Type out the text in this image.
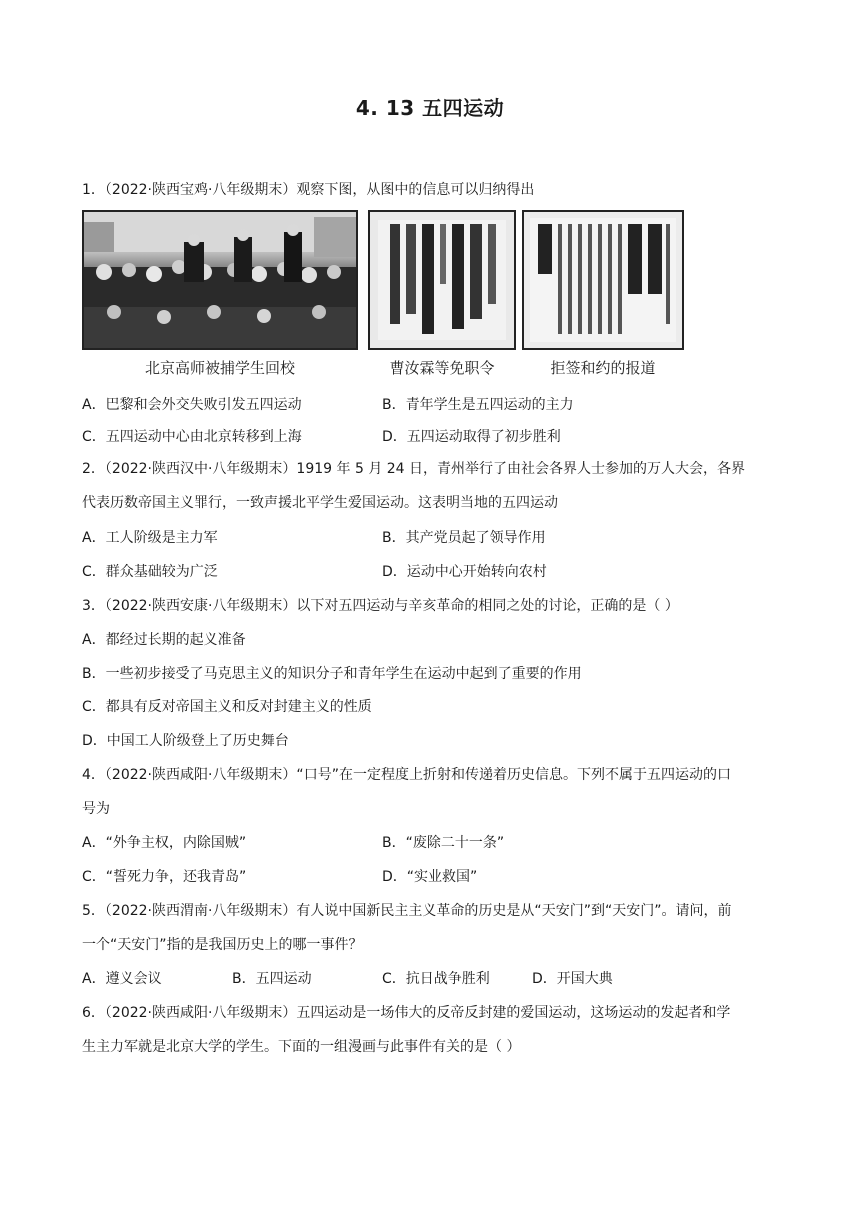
4. 13 五四运动
1．（2022·陕西宝鸡·八年级期末）观察下图，从图中的信息可以归纳得出
北京高师被捕学生回校	曹汝霖等免职令	拒签和约的报道
A．巴黎和会外交失败引发五四运动	B．青年学生是五四运动的主力
C．五四运动中心由北京转移到上海	D．五四运动取得了初步胜利
2．（2022·陕西汉中·八年级期末）1919 年 5 月 24 日，青州举行了由社会各界人士参加的万人大会，各界
代表历数帝国主义罪行，一致声援北平学生爱国运动。这表明当地的五四运动
A．工人阶级是主力军	B．其产党员起了领导作用
C．群众基础较为广泛	D．运动中心开始转向农村
3．（2022·陕西安康·八年级期末）以下对五四运动与辛亥革命的相同之处的讨论，正确的是（ ）
A．都经过长期的起义准备
B．一些初步接受了马克思主义的知识分子和青年学生在运动中起到了重要的作用
C．都具有反对帝国主义和反对封建主义的性质
D．中国工人阶级登上了历史舞台
4．（2022·陕西咸阳·八年级期末）“口号”在一定程度上折射和传递着历史信息。下列不属于五四运动的口
号为
A．“外争主权，内除国贼”	B．“废除二十一条”
C．“誓死力争，还我青岛”	D．“实业救国”
5．（2022·陕西渭南·八年级期末）有人说中国新民主主义革命的历史是从“天安门”到“天安门”。请问，前
一个“天安门”指的是我国历史上的哪一事件？
A．遵义会议	B．五四运动	C．抗日战争胜利	D．开国大典
6．（2022·陕西咸阳·八年级期末）五四运动是一场伟大的反帝反封建的爱国运动，这场运动的发起者和学
生主力军就是北京大学的学生。下面的一组漫画与此事件有关的是（ ）
